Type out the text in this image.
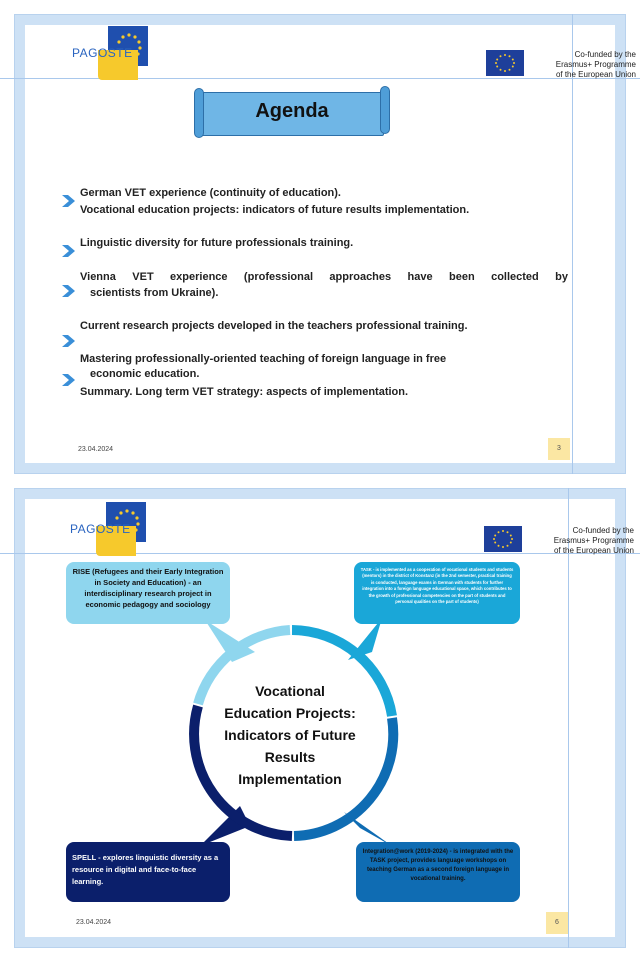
PAGOSTE	Co-funded by the
Erasmus+ Programme
of the European Union
Agenda
German VET experience (continuity of education).
Vocational education projects: indicators of future results implementation.
Linguistic diversity for future professionals training.
Vienna VET experience (professional approaches have been collected by
scientists from Ukraine).
Current research projects developed in the teachers professional training.
Mastering professionally-oriented teaching of foreign language in free
economic education.
Summary. Long term VET strategy: aspects of implementation.
23.04.2024	3
PAGOSTE	Co-funded by the
Erasmus+ Programme
of the European Union
Vocational
Education Projects:
Indicators of Future
Results
Implementation
RISE (Refugees and their Early Integration in Society and Education) - an interdisciplinary research project in economic pedagogy and sociology
TASK - is implemented as a cooperation of vocational students and students (mentors) in the district of Konstanz (in the 2nd semester, practical training is conducted, language exams in German with students for further integration into a foreign language educational space, which contributes to the growth of professional competencies on the part of students and personal qualities on the part of students)
SPELL - explores linguistic diversity as a resource in digital and face-to-face learning.
Integration@work (2019-2024) - is integrated with the TASK project, provides language workshops on teaching German as a second foreign language in vocational training.
23.04.2024	6
